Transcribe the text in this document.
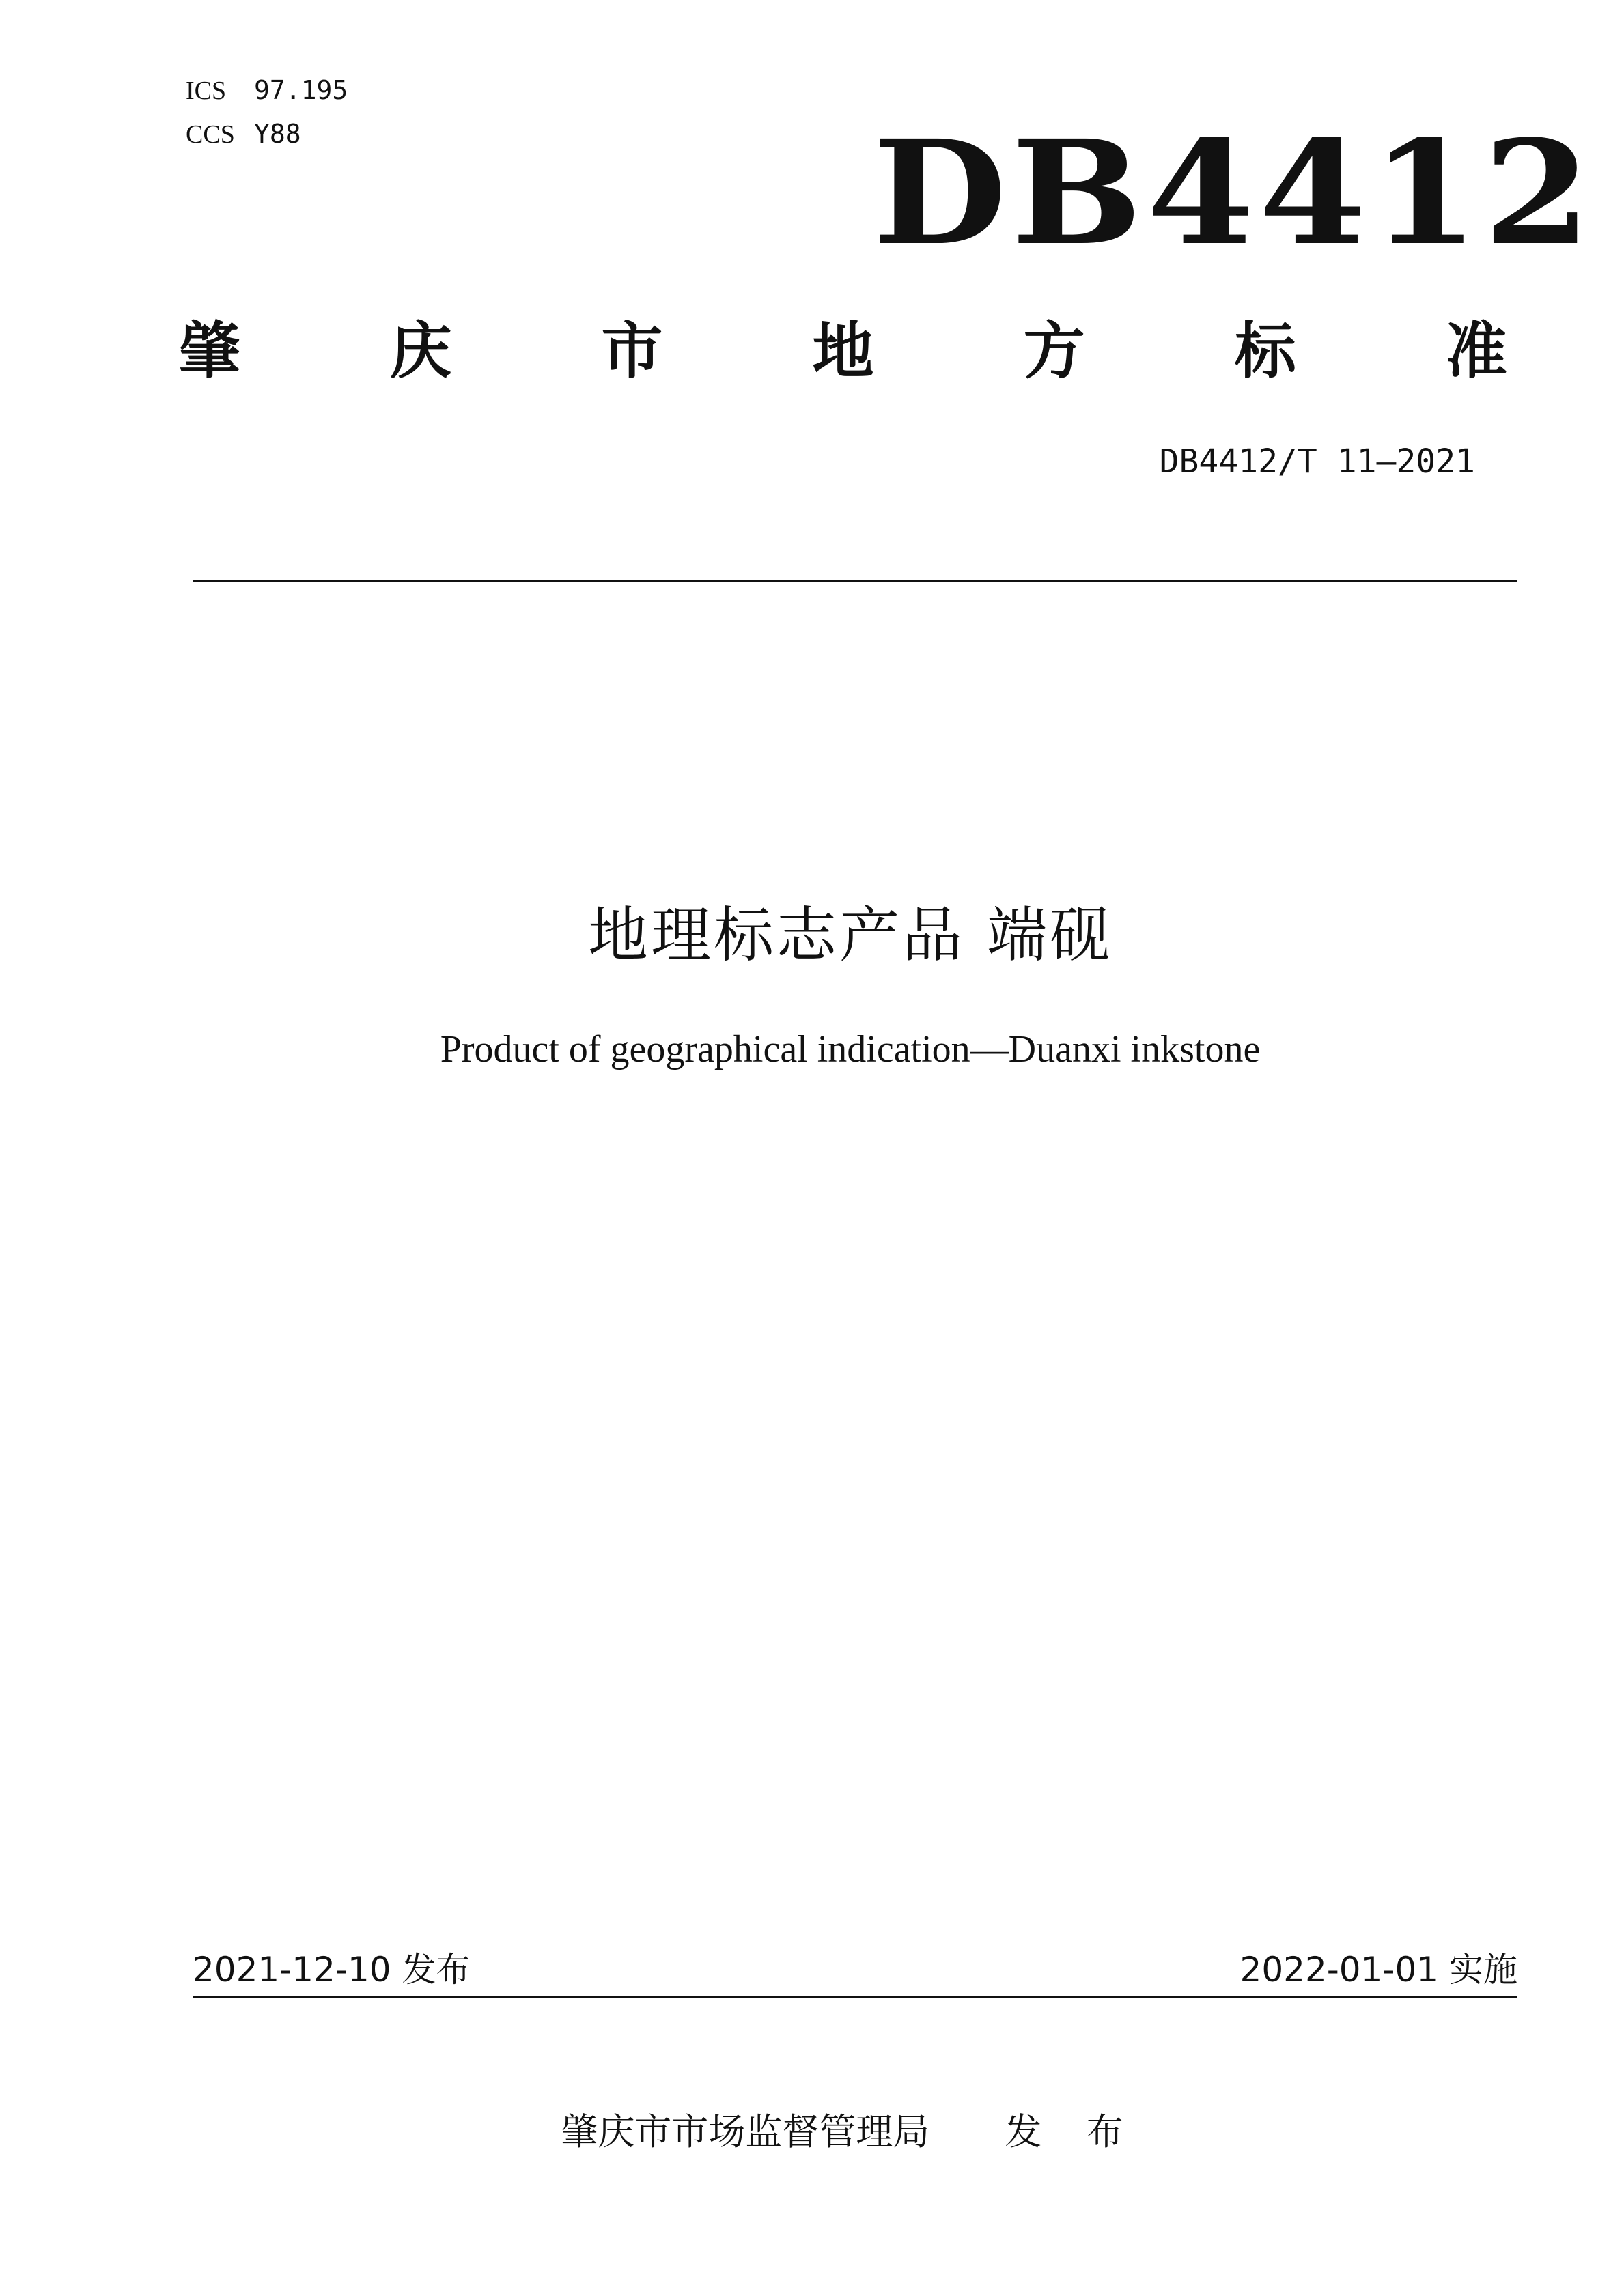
ICS 97.195
CCS Y88	DB4412
肇 庆 市 地 方 标 准
DB4412/T 11—2021
地理标志产品 端砚
Product of geographical indication—Duanxi inkstone
2021-12-10 发布	2022-01-01 实施
肇庆市市场监督管理局 发 布
